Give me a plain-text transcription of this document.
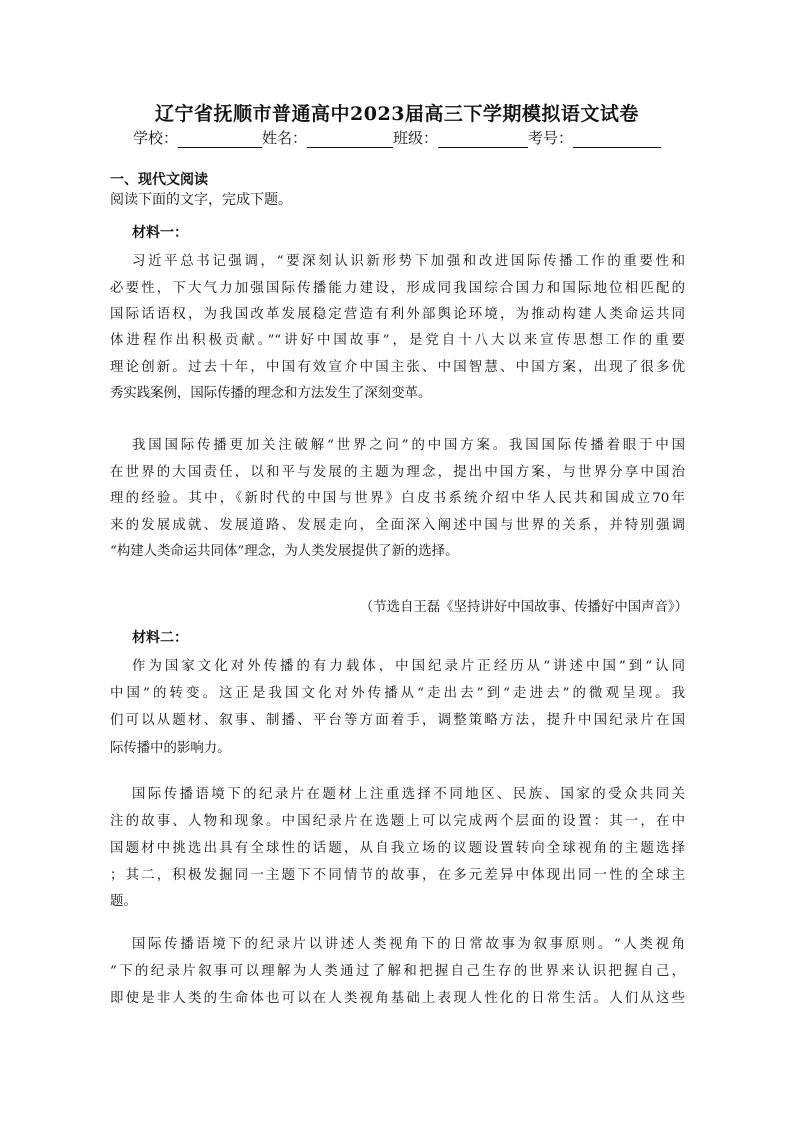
辽宁省抚顺市普通高中2023届高三下学期模拟语文试卷
学校：	姓名：	班级：	考号：
一、现代文阅读
阅读下面的文字，完成下题。
材料一：
习近平总书记强调，“要深刻认识新形势下加强和改进国际传播工作的重要性和
必要性，下大气力加强国际传播能力建设，形成同我国综合国力和国际地位相匹配的
国际话语权，为我国改革发展稳定营造有利外部舆论环境，为推动构建人类命运共同
体进程作出积极贡献。”“讲好中国故事”，是党自十八大以来宣传思想工作的重要
理论创新。过去十年，中国有效宣介中国主张、中国智慧、中国方案，出现了很多优
秀实践案例，国际传播的理念和方法发生了深刻变革。
我国国际传播更加关注破解“世界之问”的中国方案。我国国际传播着眼于中国
在世界的大国责任，以和平与发展的主题为理念，提出中国方案，与世界分享中国治
理的经验。其中，《新时代的中国与世界》白皮书系统介绍中华人民共和国成立70年
来的发展成就、发展道路、发展走向，全面深入阐述中国与世界的关系，并特别强调
“构建人类命运共同体”理念，为人类发展提供了新的选择。
（节选自王磊《坚持讲好中国故事、传播好中国声音》）
材料二：
作为国家文化对外传播的有力载体，中国纪录片正经历从“讲述中国”到“认同
中国”的转变。这正是我国文化对外传播从“走出去”到“走进去”的微观呈现。我
们可以从题材、叙事、制播、平台等方面着手，调整策略方法，提升中国纪录片在国
际传播中的影响力。
国际传播语境下的纪录片在题材上注重选择不同地区、民族、国家的受众共同关
注的故事、人物和现象。中国纪录片在选题上可以完成两个层面的设置：其一，在中
国题材中挑选出具有全球性的话题，从自我立场的议题设置转向全球视角的主题选择
；其二，积极发掘同一主题下不同情节的故事，在多元差异中体现出同一性的全球主
题。
国际传播语境下的纪录片以讲述人类视角下的日常故事为叙事原则。“人类视角
”下的纪录片叙事可以理解为人类通过了解和把握自己生存的世界来认识把握自己，
即使是非人类的生命体也可以在人类视角基础上表现人性化的日常生活。人们从这些
